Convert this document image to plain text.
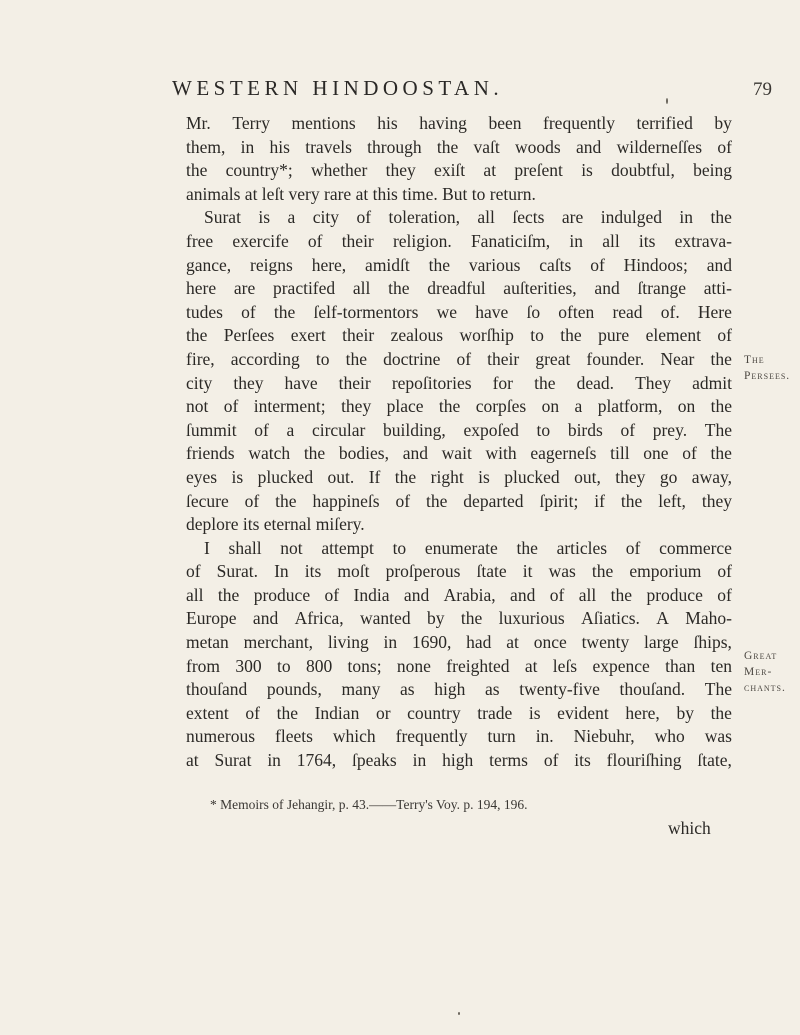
WESTERN HINDOOSTAN.	79
Mr. Terry mentions his having been frequently terrified by
them, in his travels through the vaſt woods and wilderneſſes of
the country*; whether they exiſt at preſent is doubtful, being
animals at leſt very rare at this time. But to return.
Surat is a city of toleration, all ſects are indulged in the
free exercife of their religion. Fanaticiſm, in all its extrava-
gance, reigns here, amidſt the various caſts of Hindoos; and
here are practifed all the dreadful auſterities, and ſtrange atti-
tudes of the ſelf-tormentors we have ſo often read of. Here
the Perſees exert their zealous worſhip to the pure element of
fire, according to the doctrine of their great founder. Near the
city they have their repoſitories for the dead. They admit
not of interment; they place the corpſes on a platform, on the
ſummit of a circular building, expoſed to birds of prey. The
friends watch the bodies, and wait with eagerneſs till one of the
eyes is plucked out. If the right is plucked out, they go away,
ſecure of the happineſs of the departed ſpirit; if the left, they
deplore its eternal miſery.
I shall not attempt to enumerate the articles of commerce
of Surat. In its moſt proſperous ſtate it was the emporium of
all the produce of India and Arabia, and of all the produce of
Europe and Africa, wanted by the luxurious Aſiatics. A Maho-
metan merchant, living in 1690, had at once twenty large ſhips,
from 300 to 800 tons; none freighted at leſs expence than ten
thouſand pounds, many as high as twenty-five thouſand. The
extent of the Indian or country trade is evident here, by the
numerous fleets which frequently turn in. Niebuhr, who was
at Surat in 1764, ſpeaks in high terms of its flouriſhing ſtate,
The Persees.
Great Mer-
chants.
* Memoirs of Jehangir, p. 43.——Terry's Voy. p. 194, 196.
which
